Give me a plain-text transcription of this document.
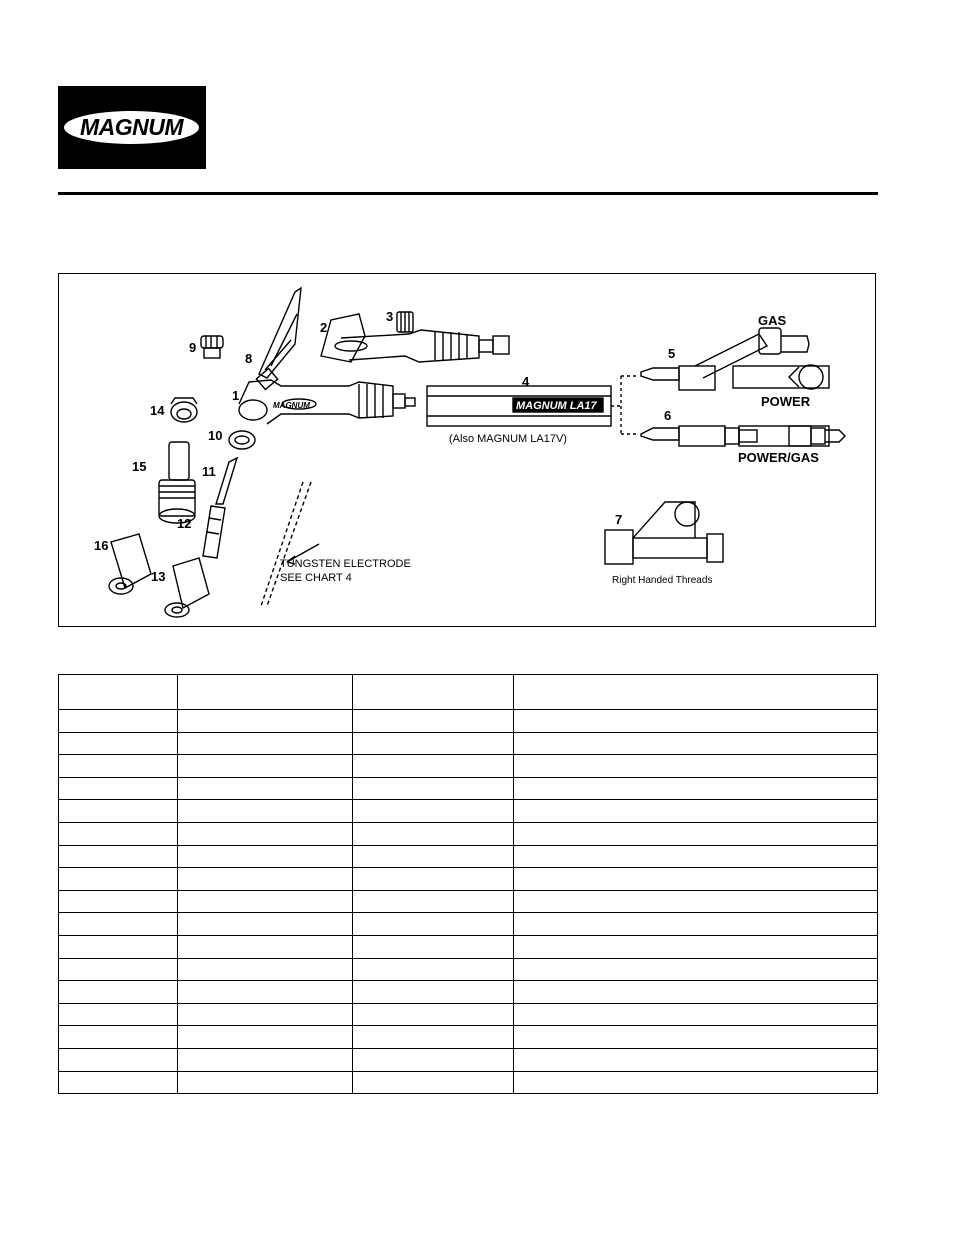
MAGNUM
9
8
2
3
1
14
10
15	11
12
16
13
4
5
6
7
GAS
POWER
POWER/GAS
MAGNUM	MAGNUM LA17
(Also MAGNUM LA17V)
TUNGSTEN ELECTRODE
SEE CHART 4	Right Handed Threads
